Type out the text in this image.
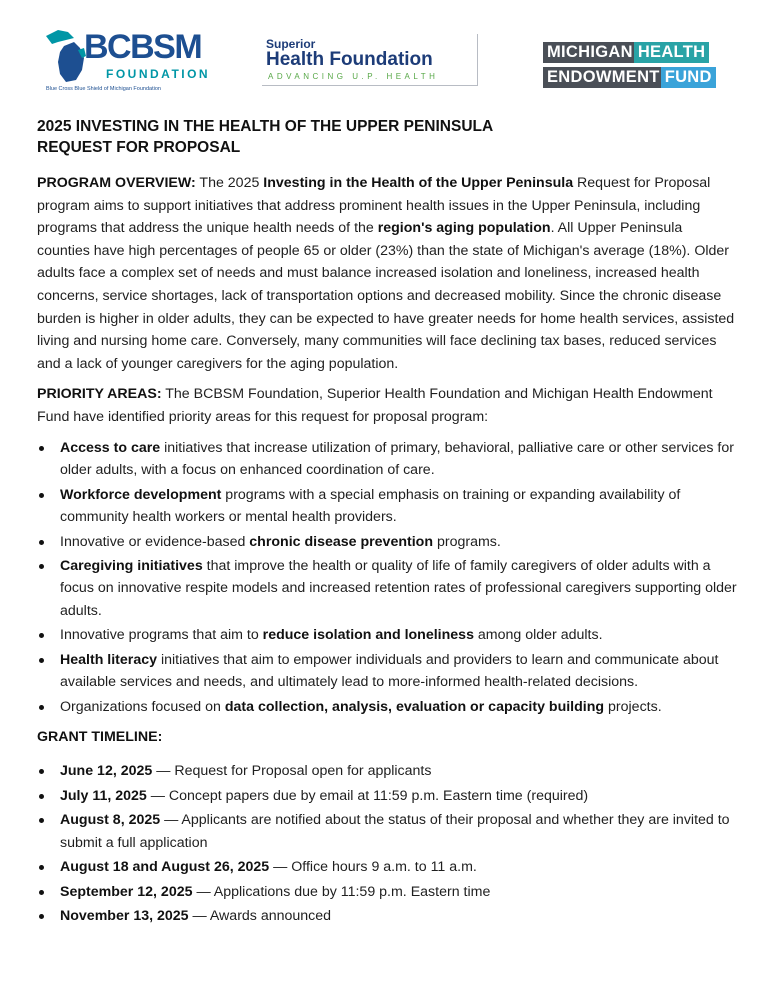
BCBSM
FOUNDATION
Blue Cross Blue Shield of Michigan Foundation
Superior
Health Foundation
ADVANCING U.P. HEALTH
MICHIGAN HEALTH
ENDOWMENT FUND
2025 INVESTING IN THE HEALTH OF THE UPPER PENINSULA
REQUEST FOR PROPOSAL

PROGRAM OVERVIEW: The 2025 Investing in the Health of the Upper Peninsula Request for Proposal program aims to support initiatives that address prominent health issues in the Upper Peninsula, including programs that address the unique health needs of the region's aging population. All Upper Peninsula counties have high percentages of people 65 or older (23%) than the state of Michigan's average (18%). Older adults face a complex set of needs and must balance increased isolation and loneliness, increased health concerns, service shortages, lack of transportation options and decreased mobility. Since the chronic disease burden is higher in older adults, they can be expected to have greater needs for home health services, assisted living and nursing home care. Conversely, many communities will face declining tax bases, reduced services and a lack of younger caregivers for the aging population.

PRIORITY AREAS: The BCBSM Foundation, Superior Health Foundation and Michigan Health Endowment Fund have identified priority areas for this request for proposal program:

Access to care initiatives that increase utilization of primary, behavioral, palliative care or other services for older adults, with a focus on enhanced coordination of care.
Workforce development programs with a special emphasis on training or expanding availability of community health workers or mental health providers.
Innovative or evidence-based chronic disease prevention programs.
Caregiving initiatives that improve the health or quality of life of family caregivers of older adults with a focus on innovative respite models and increased retention rates of professional caregivers supporting older adults.
Innovative programs that aim to reduce isolation and loneliness among older adults.
Health literacy initiatives that aim to empower individuals and providers to learn and communicate about available services and needs, and ultimately lead to more-informed health-related decisions.
Organizations focused on data collection, analysis, evaluation or capacity building projects.
GRANT TIMELINE:
June 12, 2025 — Request for Proposal open for applicants
July 11, 2025 — Concept papers due by email at 11:59 p.m. Eastern time (required)
August 8, 2025 — Applicants are notified about the status of their proposal and whether they are invited to submit a full application
August 18 and August 26, 2025 — Office hours 9 a.m. to 11 a.m.
September 12, 2025 — Applications due by 11:59 p.m. Eastern time
November 13, 2025 — Awards announced
